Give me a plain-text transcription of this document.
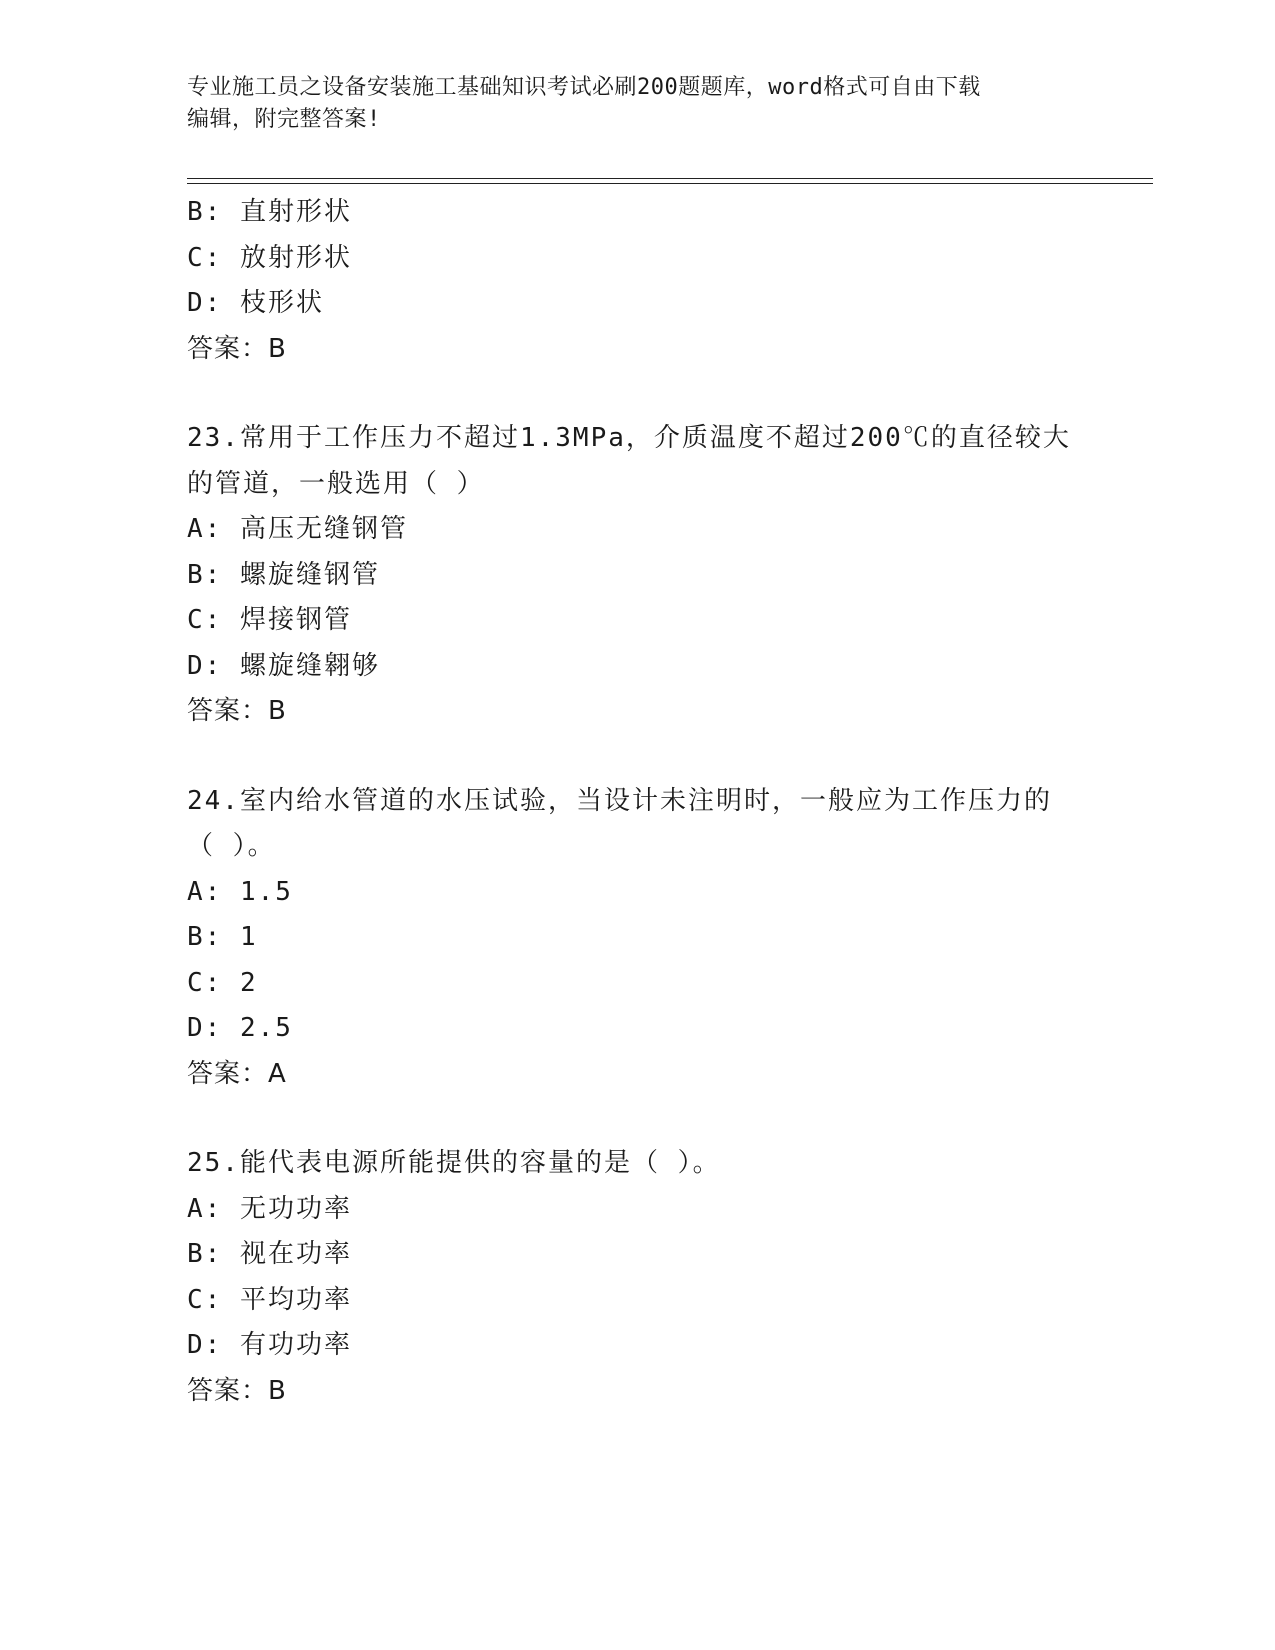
专业施工员之设备安装施工基础知识考试必刷200题题库，word格式可自由下载
编辑，附完整答案!
B: 直射形状
C: 放射形状
D: 枝形状
答案：B
23.常用于工作压力不超过1.3MPa，介质温度不超过200℃的直径较大
的管道，一般选用（ ）
A: 高压无缝钢管
B: 螺旋缝钢管
C: 焊接钢管
D: 螺旋缝翱够
答案：B
24.室内给水管道的水压试验，当设计未注明时，一般应为工作压力的
（ ）。
A: 1.5
B: 1
C: 2
D: 2.5
答案：A
25.能代表电源所能提供的容量的是（ ）。
A: 无功功率
B: 视在功率
C: 平均功率
D: 有功功率
答案：B
